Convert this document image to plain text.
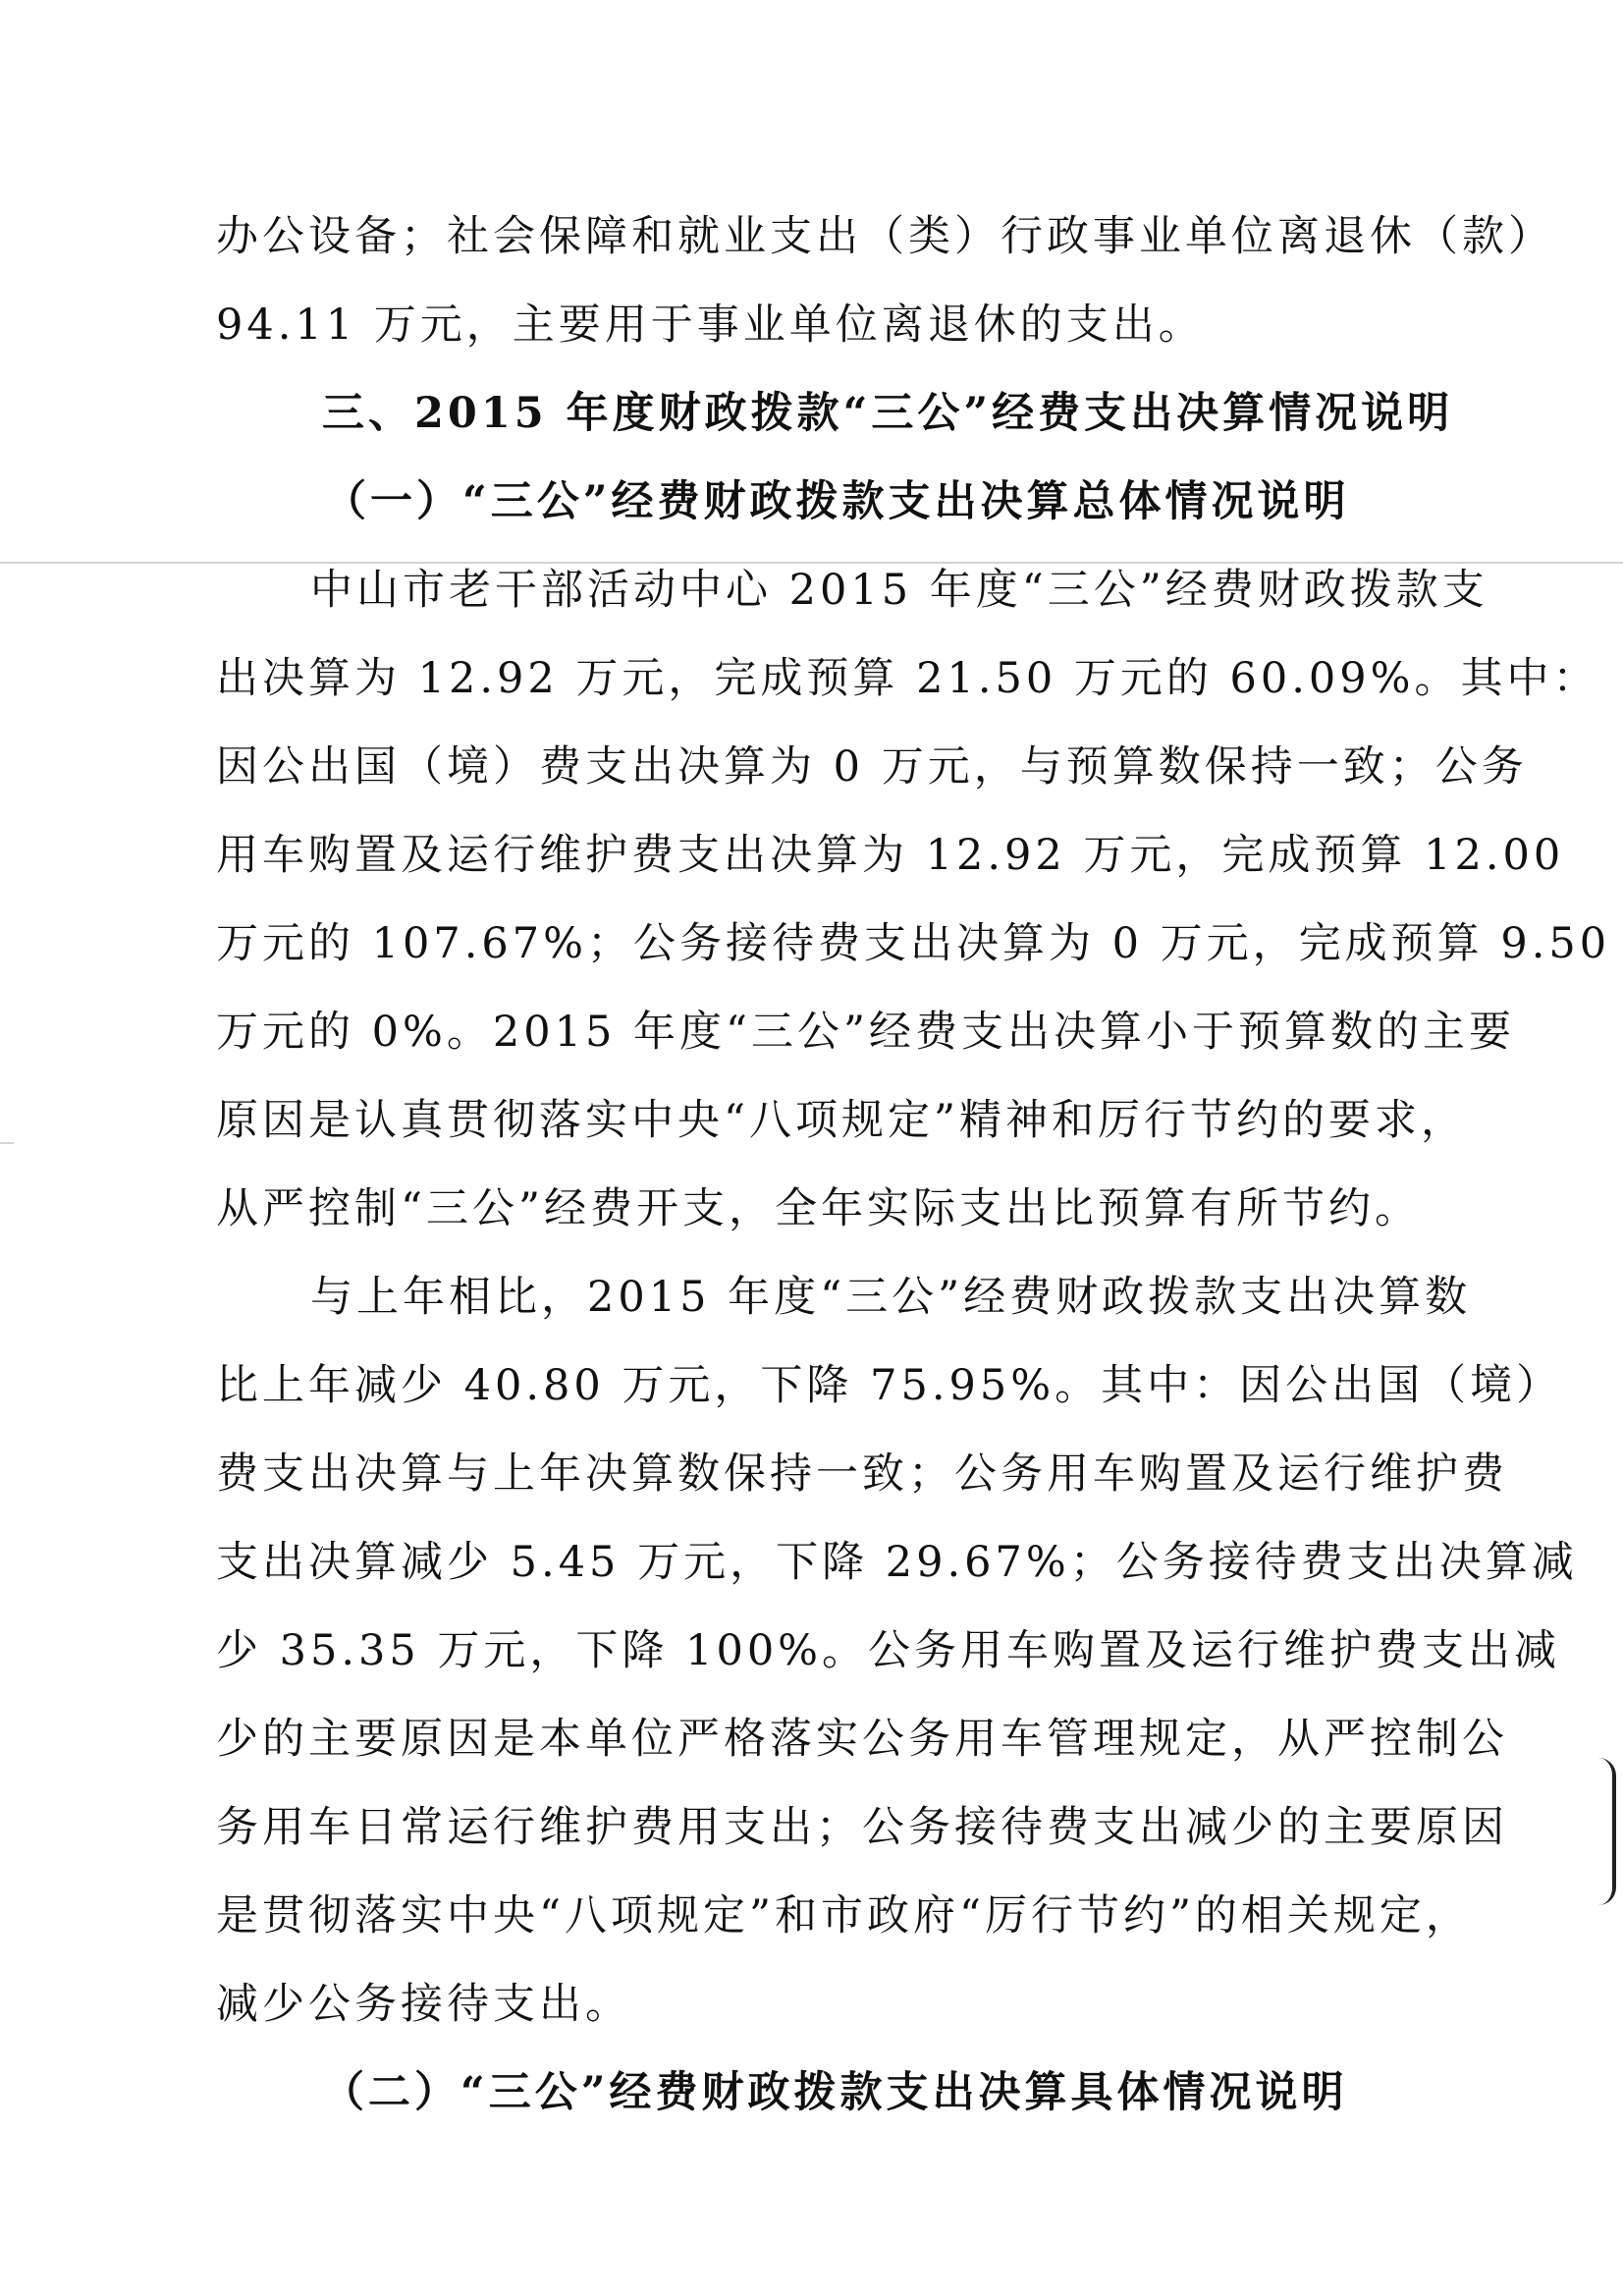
办公设备；社会保障和就业支出（类）行政事业单位离退休（款）
94.11 万元，主要用于事业单位离退休的支出。
三、2015 年度财政拨款“三公”经费支出决算情况说明
（一）“三公”经费财政拨款支出决算总体情况说明
中山市老干部活动中心 2015 年度“三公”经费财政拨款支
出决算为 12.92 万元，完成预算 21.50 万元的 60.09%。其中：
因公出国（境）费支出决算为 0 万元，与预算数保持一致；公务
用车购置及运行维护费支出决算为 12.92 万元，完成预算 12.00
万元的 107.67%；公务接待费支出决算为 0 万元，完成预算 9.50
万元的 0%。2015 年度“三公”经费支出决算小于预算数的主要
原因是认真贯彻落实中央“八项规定”精神和厉行节约的要求，
从严控制“三公”经费开支，全年实际支出比预算有所节约。
与上年相比，2015 年度“三公”经费财政拨款支出决算数
比上年减少 40.80 万元，下降 75.95%。其中：因公出国（境）
费支出决算与上年决算数保持一致；公务用车购置及运行维护费
支出决算减少 5.45 万元，下降 29.67%；公务接待费支出决算减
少 35.35 万元，下降 100%。公务用车购置及运行维护费支出减
少的主要原因是本单位严格落实公务用车管理规定，从严控制公
务用车日常运行维护费用支出；公务接待费支出减少的主要原因
是贯彻落实中央“八项规定”和市政府“厉行节约”的相关规定，
减少公务接待支出。
（二）“三公”经费财政拨款支出决算具体情况说明
